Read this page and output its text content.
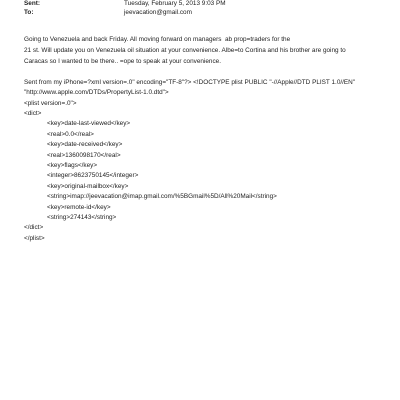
Sent:	Tuesday, February 5, 2013 9:03 PM
To:	jeevacation@gmail.com
Going to Venezuela and back Friday. All moving forward on managers  ab prop=traders for the
21 st. Will update you on Venezuela oil situation at your convenience. Albe=to Cortina and his brother are going to
Caracas so I wanted to be there.. =ope to speak at your convenience.
Sent from my iPhone=?xml version=.0" encoding="TF-8"?> <!DOCTYPE plist PUBLIC "-//Apple//DTD PLIST 1.0//EN"
"http://www.apple.com/DTDs/PropertyList-1.0.dtd">
<plist version=.0">
<dict>
<key>date-last-viewed</key>
<real>0.0</real>
<key>date-received</key>
<real>1360098170</real>
<key>flags</key>
<integer>8623750145</integer>
<key>original-mailbox</key>
<string>imap://jeevacation@imap.gmail.com/%5BGmail%5D/All%20Mail</string>
<key>remote-id</key>
<string>274143</string>
</dict>
</plist>
